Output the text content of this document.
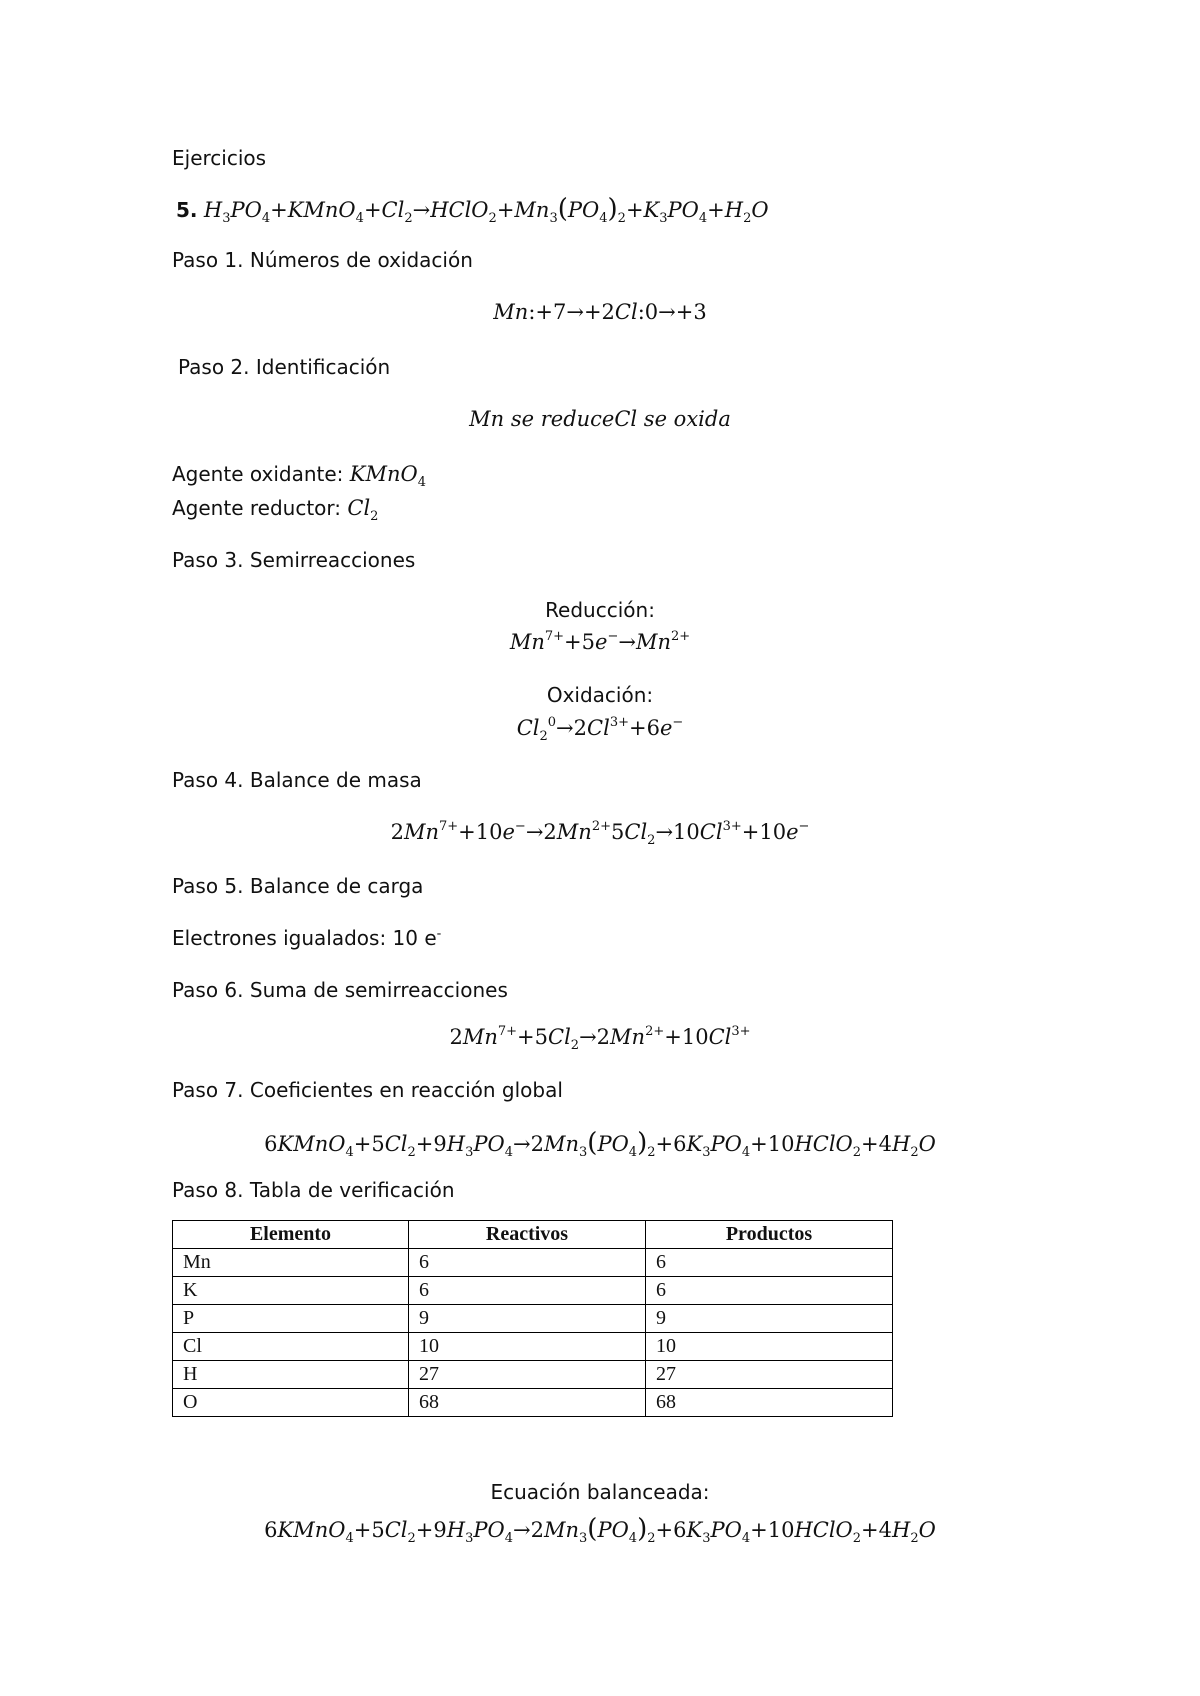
Ejercicios
5. $H_3PO_4+KMnO_4+Cl_2\to HClO_2+Mn_3(PO_4)_2+K_3PO_4+H_2O$
Paso 1. Números de oxidación
Mn:+7→+2Cl:0→+3
Paso 2. Identificación
Mn se reduceCl se oxida
Agente oxidante: KMnO$_4$
Agente reductor: $Cl_2$
Paso 3. Semirreacciones
Reducción:
$Mn^{7+}+5e^-\to Mn^{2+}$
Oxidación:
$Cl_2^0\to 2Cl^{3+}+6e^-$
Paso 4. Balance de masa
$2Mn^{7+}+10e^-\to 2Mn^{2+}5Cl_2\to 10Cl^{3+}+10e^-$
Paso 5. Balance de carga
Electrones igualados: 10 e-
Paso 6. Suma de semirreacciones
$2Mn^{7+}+5Cl_2\to 2Mn^{2+}+10Cl^{3+}$
Paso 7. Coeficientes en reacción global
$6KMnO_4+5Cl_2+9H_3PO_4\to 2Mn_3(PO_4)_2+6K_3PO_4+10HClO_2+4H_2O$
Paso 8. Tabla de verificación
Elemento	Reactivos	Productos
Mn	6	6
K	6	6
P	9	9
Cl	10	10
H	27	27
O	68	68
Ecuación balanceada:
$6KMnO_4+5Cl_2+9H_3PO_4\to 2Mn_3(PO_4)_2+6K_3PO_4+10HClO_2+4H_2O$
